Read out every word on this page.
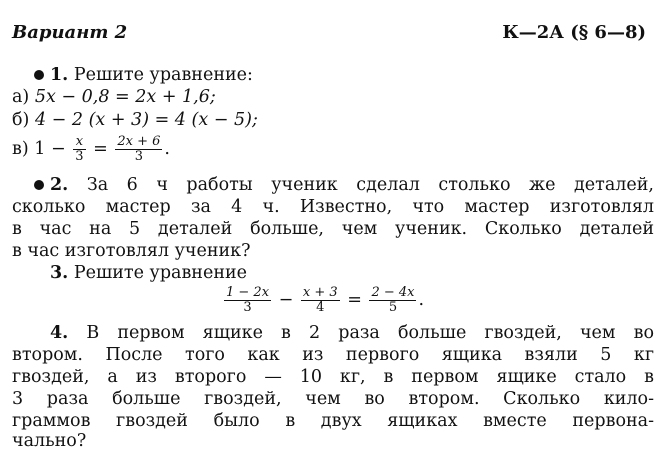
Вариант 2	К—2А (§ 6—8)
1. Решите уравнение:
а) 5x − 0,8 = 2x + 1,6;
б) 4 − 2 (x + 3) = 4 (x − 5);
в) $1 - \frac{x}{3} = \frac{2x + 6}{3}$ .
2. За 6 ч работы ученик сделал столько же деталей,
сколько мастер за 4 ч. Известно, что мастер изготовлял
в час на 5 деталей больше, чем ученик. Сколько деталей
в час изготовлял ученик?
3. Решите уравнение
$\frac{1 - 2x}{3} - \frac{x + 3}{4} = \frac{2 - 4x}{5}$ .
4. В первом ящике в 2 раза больше гвоздей, чем во
втором. После того как из первого ящика взяли 5 кг
гвоздей, а из второго — 10 кг, в первом ящике стало в
3 раза больше гвоздей, чем во втором. Сколько кило-
граммов гвоздей было в двух ящиках вместе первона-
чально?
